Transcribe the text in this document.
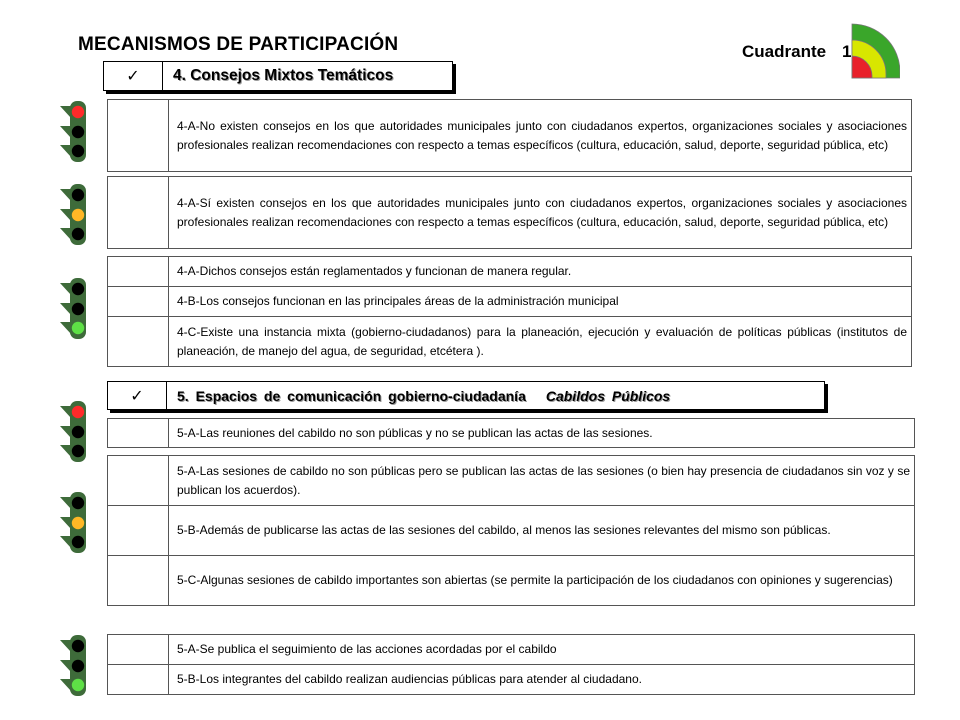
MECANISMOS DE PARTICIPACIÓN	Cuadrante 1
✓	4. Consejos Mixtos Temáticos
	4-A-No existen consejos en los que autoridades municipales junto con ciudadanos expertos, organizaciones sociales y asociaciones profesionales realizan recomendaciones con respecto a temas específicos (cultura, educación, salud, deporte, seguridad pública, etc)
	4-A-Sí existen consejos en los que autoridades municipales junto con ciudadanos expertos, organizaciones sociales y asociaciones profesionales realizan recomendaciones con respecto a temas específicos (cultura, educación, salud, deporte, seguridad pública, etc)
	4-A-Dichos consejos están reglamentados y funcionan de manera regular.
	4-B-Los consejos funcionan en las principales áreas de la administración municipal
	4-C-Existe una instancia mixta (gobierno-ciudadanos) para la planeación, ejecución y evaluación de políticas públicas (institutos de planeación, de manejo del agua, de seguridad, etcétera ).
✓	5. Espacios de comunicación gobierno-ciudadanía Cabildos Públicos
	5-A-Las reuniones del cabildo no son públicas y no se publican las actas de las sesiones.
	5-A-Las sesiones de cabildo no son públicas pero se publican las actas de las sesiones (o bien hay presencia de ciudadanos sin voz y se publican los acuerdos).
	5-B-Además de publicarse las actas de las sesiones del cabildo, al menos las sesiones relevantes del mismo son públicas.
	5-C-Algunas sesiones de cabildo importantes son abiertas (se permite la participación de los ciudadanos con opiniones y sugerencias)
	5-A-Se publica el seguimiento de las acciones acordadas por el cabildo
	5-B-Los integrantes del cabildo realizan audiencias públicas para atender al ciudadano.
